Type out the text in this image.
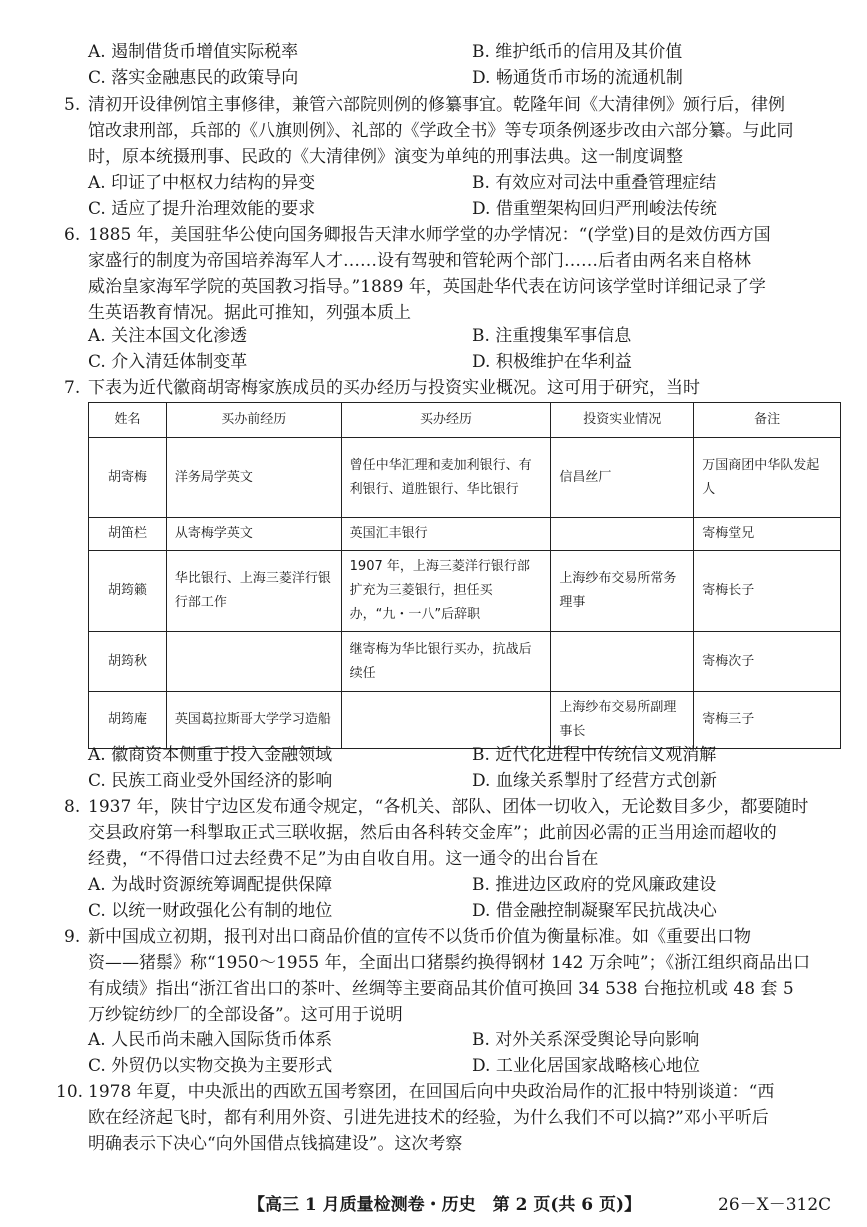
A. 遏制借货币增值实际税率	B. 维护纸币的信用及其价值
C. 落实金融惠民的政策导向	D. 畅通货币市场的流通机制
5. 清初开设律例馆主事修律，兼管六部院则例的修纂事宜。乾隆年间《大清律例》颁行后，律例
馆改隶刑部，兵部的《八旗则例》、礼部的《学政全书》等专项条例逐步改由六部分纂。与此同
时，原本统摄刑事、民政的《大清律例》演变为单纯的刑事法典。这一制度调整
A. 印证了中枢权力结构的异变	B. 有效应对司法中重叠管理症结
C. 适应了提升治理效能的要求	D. 借重塑架构回归严刑峻法传统
6. 1885 年，美国驻华公使向国务卿报告天津水师学堂的办学情况：“(学堂)目的是效仿西方国
家盛行的制度为帝国培养海军人才……设有驾驶和管轮两个部门……后者由两名来自格林
威治皇家海军学院的英国教习指导。”1889 年，英国赴华代表在访问该学堂时详细记录了学
生英语教育情况。据此可推知，列强本质上
A. 关注本国文化渗透	B. 注重搜集军事信息
C. 介入清廷体制变革	D. 积极维护在华利益
7. 下表为近代徽商胡寄梅家族成员的买办经历与投资实业概况。这可用于研究，当时
姓名	买办前经历	买办经历	投资实业情况	备注
胡寄梅	洋务局学英文	曾任中华汇理和麦加利银行、有利银行、道胜银行、华比银行	信昌丝厂	万国商团中华队发起人
胡笛栏	从寄梅学英文	英国汇丰银行		寄梅堂兄
胡筠籁	华比银行、上海三菱洋行银行部工作	1907 年，上海三菱洋行银行部扩充为三菱银行，担任买办，“九・一八”后辞职	上海纱布交易所常务理事	寄梅长子
胡筠秋		继寄梅为华比银行买办，抗战后续任		寄梅次子
胡筠庵	英国葛拉斯哥大学学习造船		上海纱布交易所副理事长	寄梅三子
A. 徽商资本侧重于投入金融领域	B. 近代化进程中传统信义观消解
C. 民族工商业受外国经济的影响	D. 血缘关系掣肘了经营方式创新
8. 1937 年，陕甘宁边区发布通令规定，“各机关、部队、团体一切收入，无论数目多少，都要随时
交县政府第一科掣取正式三联收据，然后由各科转交金库”；此前因必需的正当用途而超收的
经费，“不得借口过去经费不足”为由自收自用。这一通令的出台旨在
A. 为战时资源统筹调配提供保障	B. 推进边区政府的党风廉政建设
C. 以统一财政强化公有制的地位	D. 借金融控制凝聚军民抗战决心
9. 新中国成立初期，报刊对出口商品价值的宣传不以货币价值为衡量标准。如《重要出口物
资——猪鬃》称“1950～1955 年，全面出口猪鬃约换得钢材 142 万余吨”；《浙江组织商品出口
有成绩》指出“浙江省出口的茶叶、丝绸等主要商品其价值可换回 34 538 台拖拉机或 48 套 5
万纱锭纺纱厂的全部设备”。这可用于说明
A. 人民币尚未融入国际货币体系	B. 对外关系深受舆论导向影响
C. 外贸仍以实物交换为主要形式	D. 工业化居国家战略核心地位
10. 1978 年夏，中央派出的西欧五国考察团，在回国后向中央政治局作的汇报中特别谈道：“西
欧在经济起飞时，都有利用外资、引进先进技术的经验，为什么我们不可以搞?”邓小平听后
明确表示下决心“向外国借点钱搞建设”。这次考察
【高三 1 月质量检测卷・历史　第 2 页(共 6 页)】	26－X－312C
